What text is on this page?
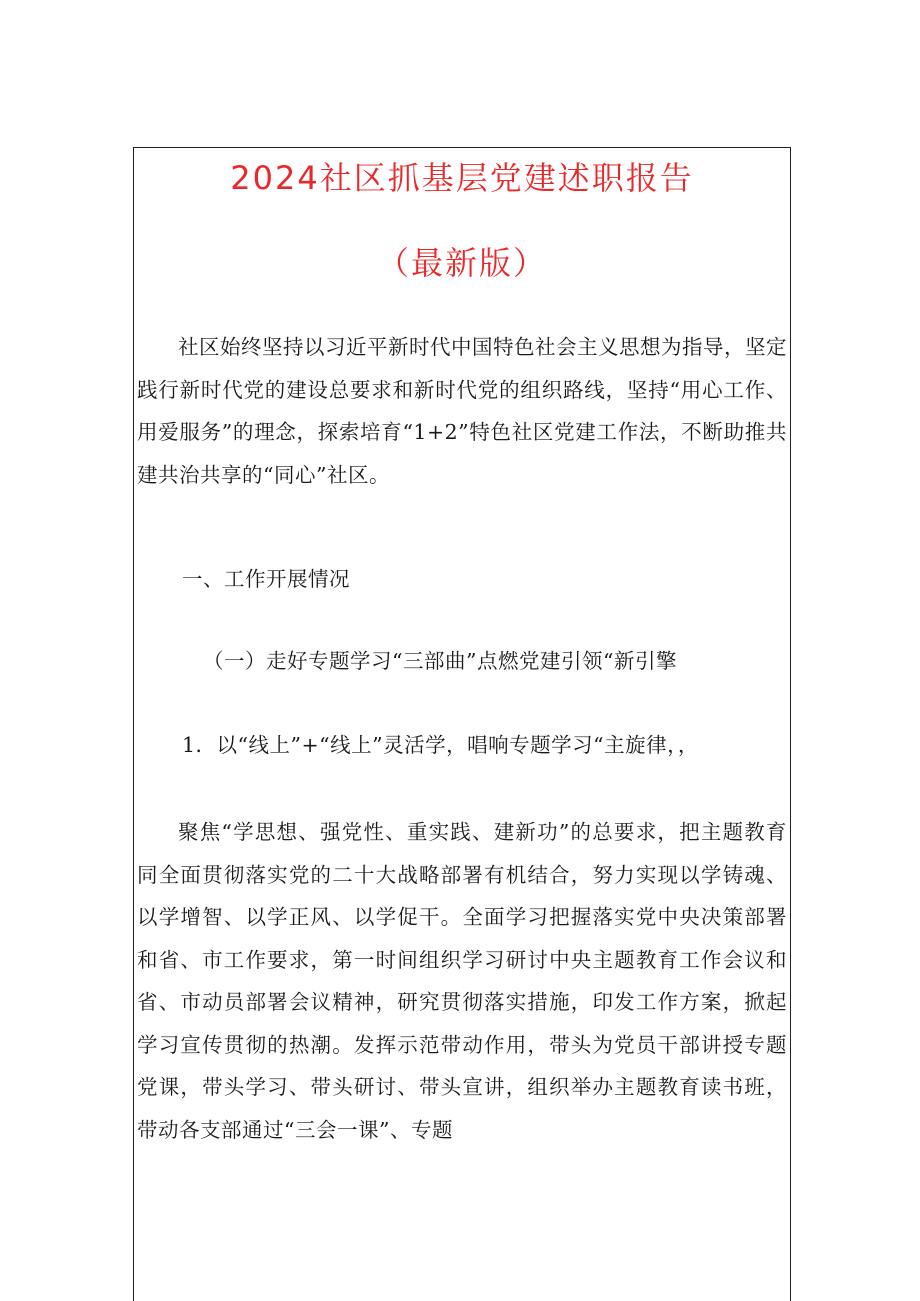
2024社区抓基层党建述职报告
（最新版）

社区始终坚持以习近平新时代中国特色社会主义思想为指导，坚定践行新时代党的建设总要求和新时代党的组织路线，坚持“用心工作、用爱服务”的理念，探索培育“1+2”特色社区党建工作法，不断助推共建共治共享的“同心”社区。

一、工作开展情况

（一）走好专题学习“三部曲”点燃党建引领“新引擎

1．以“线上”+“线上”灵活学，唱响专题学习“主旋律，，

聚焦“学思想、强党性、重实践、建新功”的总要求，把主题教育同全面贯彻落实党的二十大战略部署有机结合，努力实现以学铸魂、以学增智、以学正风、以学促干。全面学习把握落实党中央决策部署和省、市工作要求，第一时间组织学习研讨中央主题教育工作会议和省、市动员部署会议精神，研究贯彻落实措施，印发工作方案，掀起学习宣传贯彻的热潮。发挥示范带动作用，带头为党员干部讲授专题党课，带头学习、带头研讨、带头宣讲，组织举办主题教育读书班，带动各支部通过“三会一课”、专题
